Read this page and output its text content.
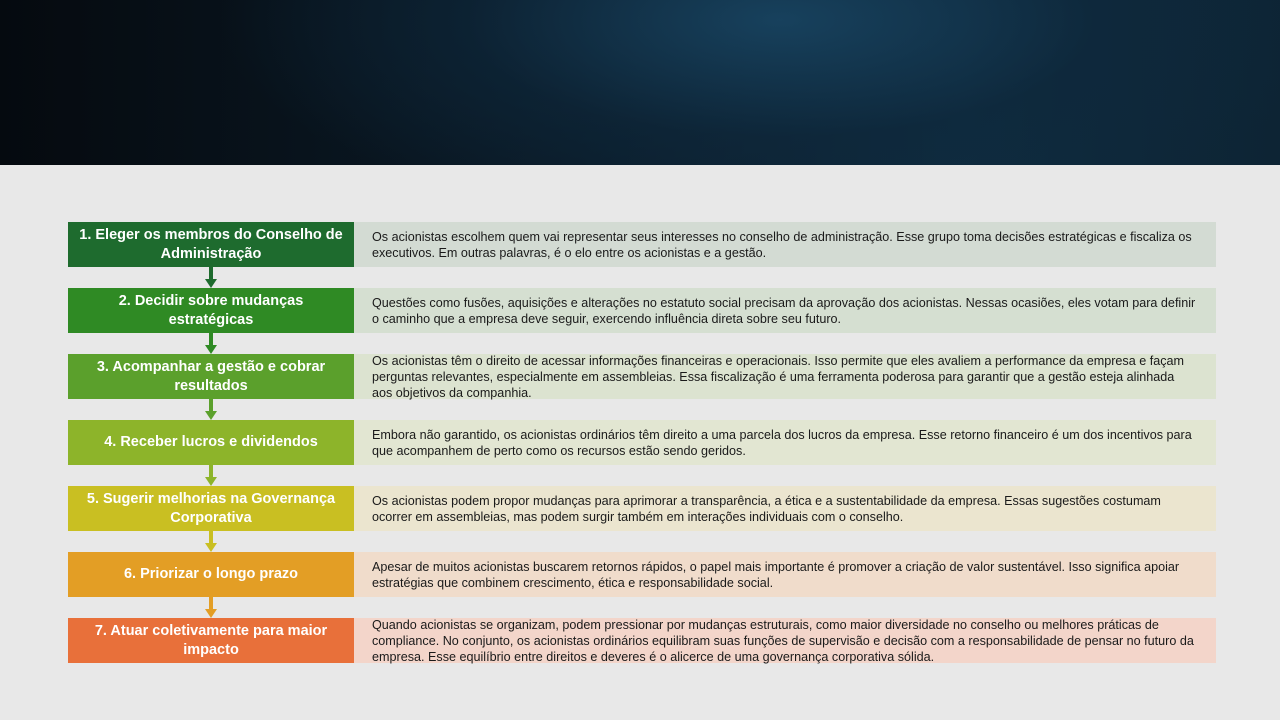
1. Eleger os membros do Conselho de Administração
Os acionistas escolhem quem vai representar seus interesses no conselho de administração. Esse grupo toma decisões estratégicas e fiscaliza os executivos. Em outras palavras, é o elo entre os acionistas e a gestão.
2. Decidir sobre mudanças estratégicas
Questões como fusões, aquisições e alterações no estatuto social precisam da aprovação dos acionistas. Nessas ocasiões, eles votam para definir o caminho que a empresa deve seguir, exercendo influência direta sobre seu futuro.
3. Acompanhar a gestão e cobrar resultados
Os acionistas têm o direito de acessar informações financeiras e operacionais. Isso permite que eles avaliem a performance da empresa e façam perguntas relevantes, especialmente em assembleias. Essa fiscalização é uma ferramenta poderosa para garantir que a gestão esteja alinhada aos objetivos da companhia.
4. Receber lucros e dividendos	Embora não garantido, os acionistas ordinários têm direito a uma parcela dos lucros da empresa. Esse retorno financeiro é um dos incentivos para que acompanhem de perto como os recursos estão sendo geridos.
5. Sugerir melhorias na Governança Corporativa
Os acionistas podem propor mudanças para aprimorar a transparência, a ética e a sustentabilidade da empresa. Essas sugestões costumam ocorrer em assembleias, mas podem surgir também em interações individuais com o conselho.
6. Priorizar o longo prazo	Apesar de muitos acionistas buscarem retornos rápidos, o papel mais importante é promover a criação de valor sustentável. Isso significa apoiar estratégias que combinem crescimento, ética e responsabilidade social.
7. Atuar coletivamente para maior impacto
Quando acionistas se organizam, podem pressionar por mudanças estruturais, como maior diversidade no conselho ou melhores práticas de compliance. No conjunto, os acionistas ordinários equilibram suas funções de supervisão e decisão com a responsabilidade de pensar no futuro da empresa. Esse equilíbrio entre direitos e deveres é o alicerce de uma governança corporativa sólida.
